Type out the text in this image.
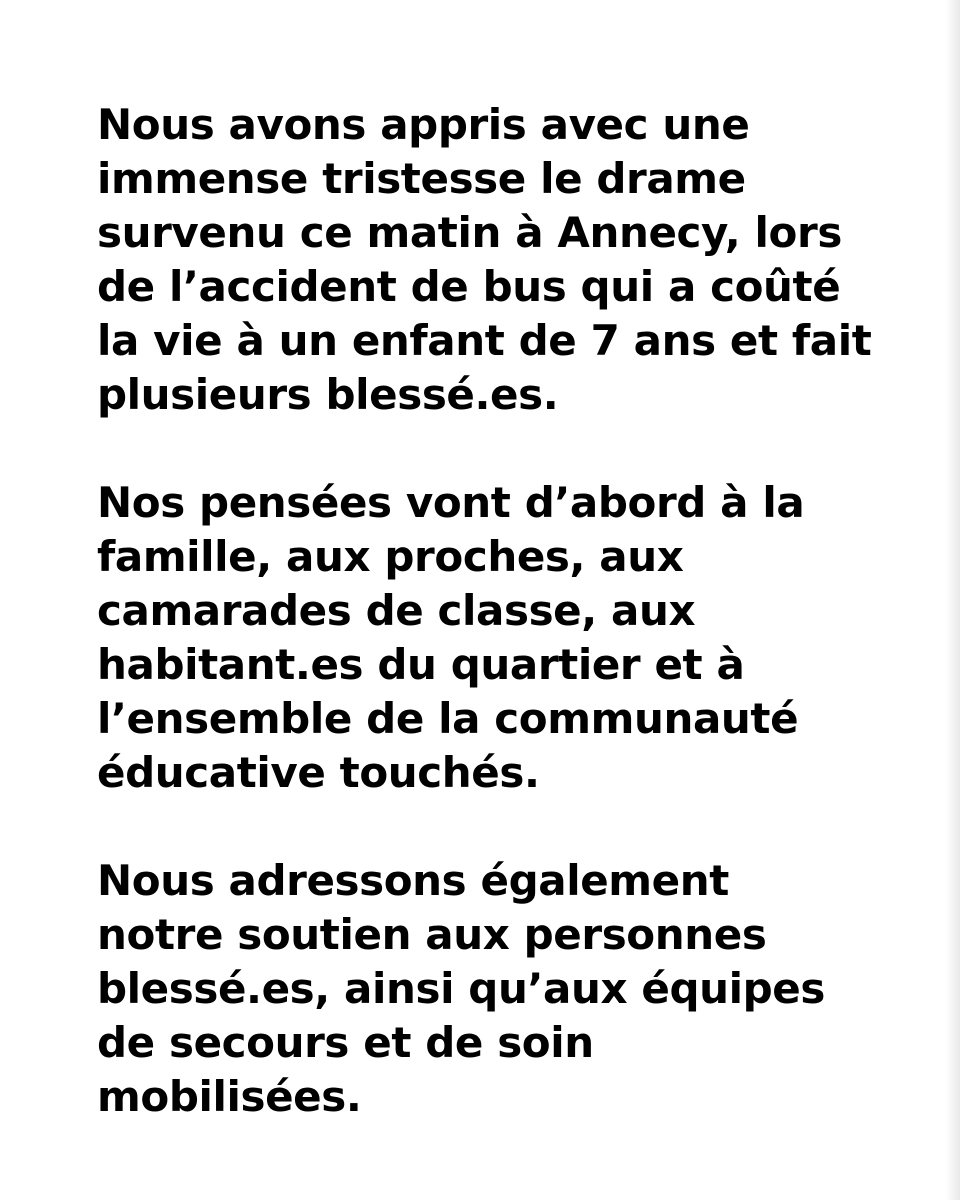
Nous avons appris avec une
immense tristesse le drame
survenu ce matin à Annecy, lors
de l’accident de bus qui a coûté
la vie à un enfant de 7 ans et fait
plusieurs blessé.es.

Nos pensées vont d’abord à la
famille, aux proches, aux
camarades de classe, aux
habitant.es du quartier et à
l’ensemble de la communauté
éducative touchés.

Nous adressons également
notre soutien aux personnes
blessé.es, ainsi qu’aux équipes
de secours et de soin
mobilisées.
